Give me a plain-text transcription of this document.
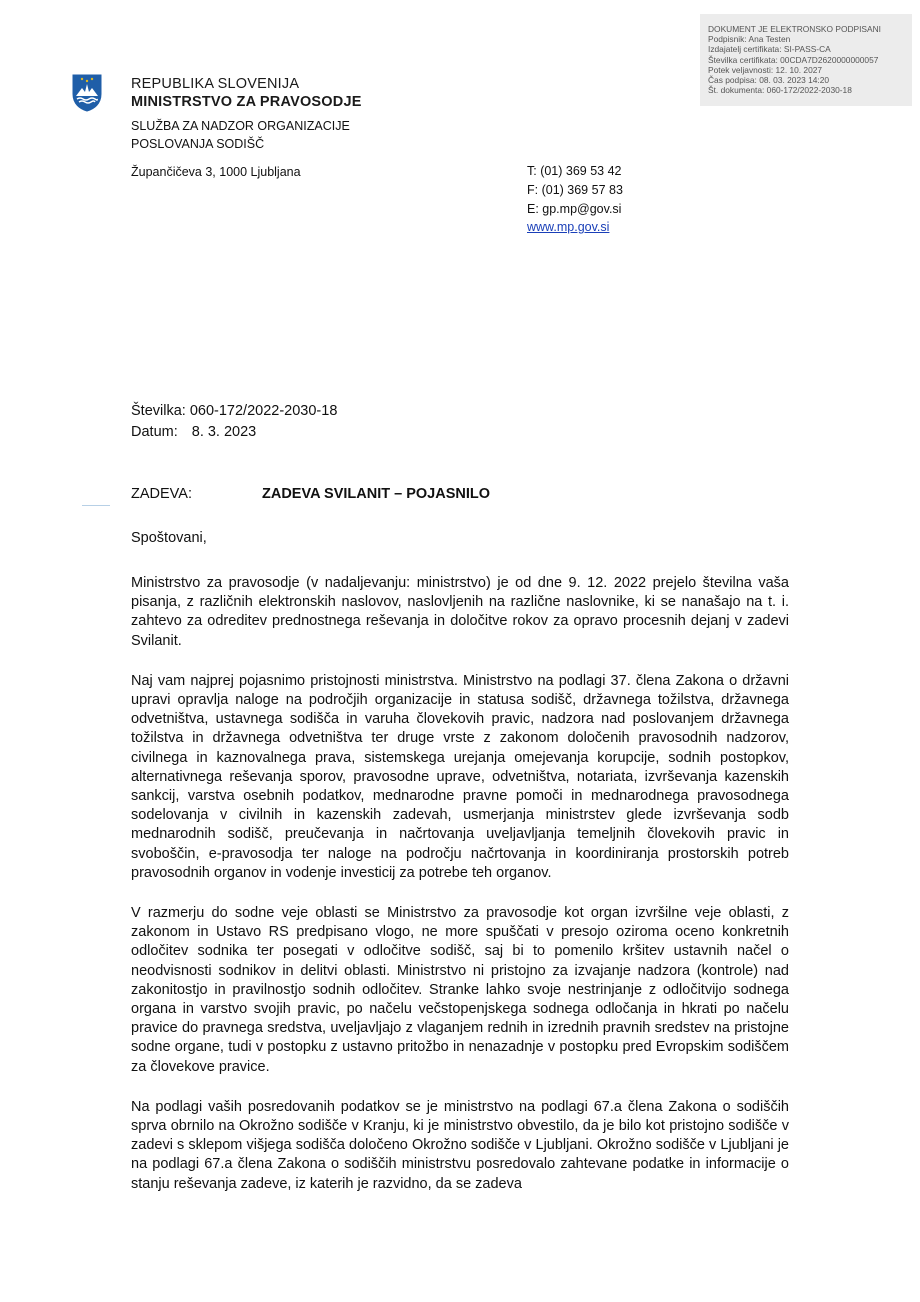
DOKUMENT JE ELEKTRONSKO PODPISANI
Podpisnik: Ana Testen
Izdajatelj certifikata: SI-PASS-CA
Številka certifikata: 00CDA7D2620000000057
Potek veljavnosti: 12. 10. 2027
Čas podpisa: 08. 03. 2023 14:20
Št. dokumenta: 060-172/2022-2030-18
REPUBLIKA SLOVENIJA
MINISTRSTVO ZA PRAVOSODJE
SLUŽBA ZA NADZOR ORGANIZACIJE
POSLOVANJA SODIŠČ
Župančičeva 3, 1000 Ljubljana	T: (01) 369 53 42
F: (01) 369 57 83
E: gp.mp@gov.si
www.mp.gov.si
Številka: 060-172/2022-2030-18
Datum: 8. 3. 2023
ZADEVA:	ZADEVA SVILANIT – POJASNILO
Spoštovani,

Ministrstvo za pravosodje (v nadaljevanju: ministrstvo) je od dne 9. 12. 2022 prejelo številna vaša pisanja, z različnih elektronskih naslovov, naslovljenih na različne naslovnike, ki se nanašajo na t. i. zahtevo za odreditev prednostnega reševanja in določitve rokov za opravo procesnih dejanj v zadevi Svilanit.

Naj vam najprej pojasnimo pristojnosti ministrstva. Ministrstvo na podlagi 37. člena Zakona o državni upravi opravlja naloge na področjih organizacije in statusa sodišč, državnega tožilstva, državnega odvetništva, ustavnega sodišča in varuha človekovih pravic, nadzora nad poslovanjem državnega tožilstva in državnega odvetništva ter druge vrste z zakonom določenih pravosodnih nadzorov, civilnega in kaznovalnega prava, sistemskega urejanja omejevanja korupcije, sodnih postopkov, alternativnega reševanja sporov, pravosodne uprave, odvetništva, notariata, izvrševanja kazenskih sankcij, varstva osebnih podatkov, mednarodne pravne pomoči in mednarodnega pravosodnega sodelovanja v civilnih in kazenskih zadevah, usmerjanja ministrstev glede izvrševanja sodb mednarodnih sodišč, preučevanja in načrtovanja uveljavljanja temeljnih človekovih pravic in svoboščin, e-pravosodja ter naloge na področju načrtovanja in koordiniranja prostorskih potreb pravosodnih organov in vodenje investicij za potrebe teh organov.

V razmerju do sodne veje oblasti se Ministrstvo za pravosodje kot organ izvršilne veje oblasti, z zakonom in Ustavo RS predpisano vlogo, ne more spuščati v presojo oziroma oceno konkretnih odločitev sodnika ter posegati v odločitve sodišč, saj bi to pomenilo kršitev ustavnih načel o neodvisnosti sodnikov in delitvi oblasti. Ministrstvo ni pristojno za izvajanje nadzora (kontrole) nad zakonitostjo in pravilnostjo sodnih odločitev. Stranke lahko svoje nestrinjanje z odločitvijo sodnega organa in varstvo svojih pravic, po načelu večstopenjskega sodnega odločanja in hkrati po načelu pravice do pravnega sredstva, uveljavljajo z vlaganjem rednih in izrednih pravnih sredstev na pristojne sodne organe, tudi v postopku z ustavno pritožbo in nenazadnje v postopku pred Evropskim sodiščem za človekove pravice.

Na podlagi vaših posredovanih podatkov se je ministrstvo na podlagi 67.a člena Zakona o sodiščih sprva obrnilo na Okrožno sodišče v Kranju, ki je ministrstvo obvestilo, da je bilo kot pristojno sodišče v zadevi s sklepom višjega sodišča določeno Okrožno sodišče v Ljubljani. Okrožno sodišče v Ljubljani je na podlagi 67.a člena Zakona o sodiščih ministrstvu posredovalo zahtevane podatke in informacije o stanju reševanja zadeve, iz katerih je razvidno, da se zadeva
